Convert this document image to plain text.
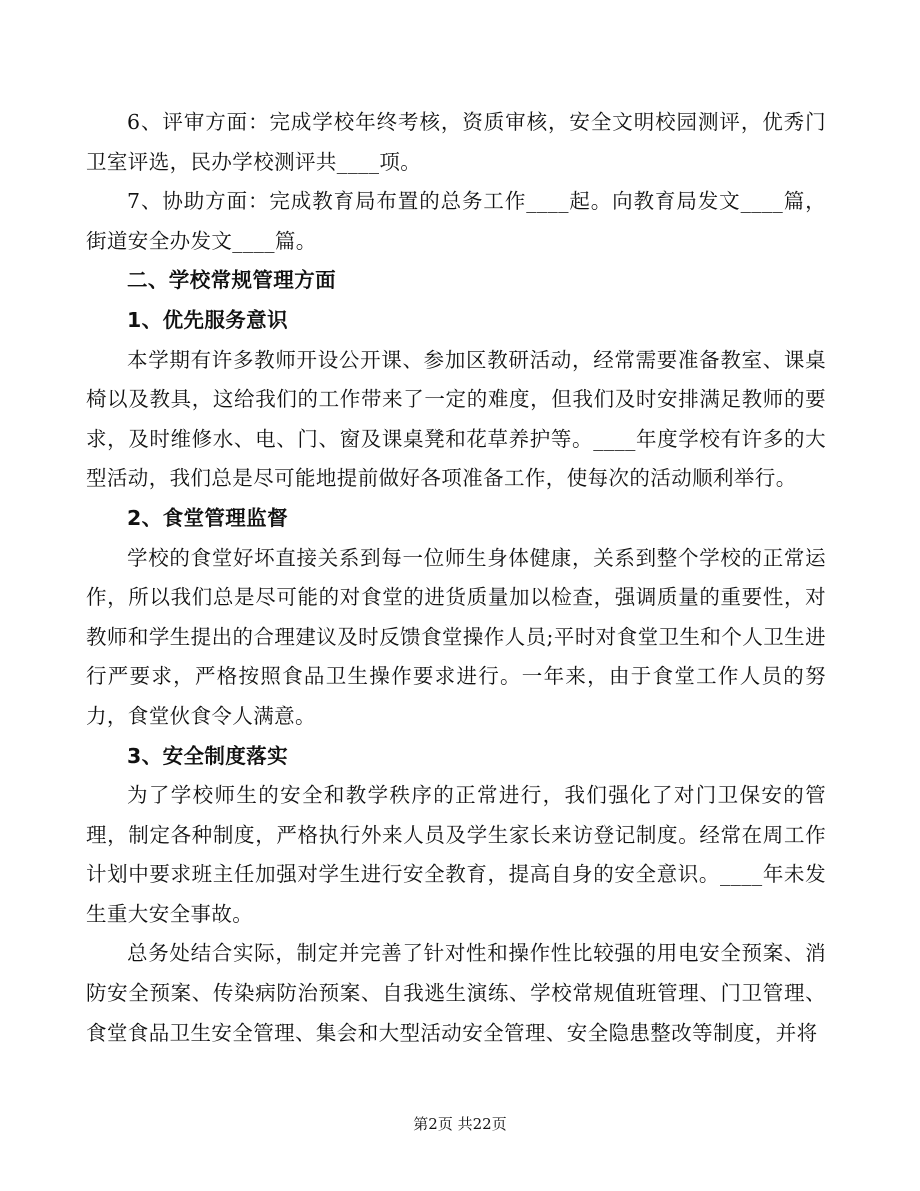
6、评审方面：完成学校年终考核，资质审核，安全文明校园测评，优秀门卫室评选，民办学校测评共____项。

7、协助方面：完成教育局布置的总务工作____起。向教育局发文____篇，街道安全办发文____篇。

二、学校常规管理方面

1、优先服务意识

本学期有许多教师开设公开课、参加区教研活动，经常需要准备教室、课桌椅以及教具，这给我们的工作带来了一定的难度，但我们及时安排满足教师的要求，及时维修水、电、门、窗及课桌凳和花草养护等。____年度学校有许多的大型活动，我们总是尽可能地提前做好各项准备工作，使每次的活动顺利举行。

2、食堂管理监督

学校的食堂好坏直接关系到每一位师生身体健康，关系到整个学校的正常运作，所以我们总是尽可能的对食堂的进货质量加以检查，强调质量的重要性，对教师和学生提出的合理建议及时反馈食堂操作人员;平时对食堂卫生和个人卫生进行严要求，严格按照食品卫生操作要求进行。一年来，由于食堂工作人员的努力，食堂伙食令人满意。

3、安全制度落实

为了学校师生的安全和教学秩序的正常进行，我们强化了对门卫保安的管理，制定各种制度，严格执行外来人员及学生家长来访登记制度。经常在周工作计划中要求班主任加强对学生进行安全教育，提高自身的安全意识。____年未发生重大安全事故。

总务处结合实际，制定并完善了针对性和操作性比较强的用电安全预案、消防安全预案、传染病防治预案、自我逃生演练、学校常规值班管理、门卫管理、食堂食品卫生安全管理、集会和大型活动安全管理、安全隐患整改等制度，并将

第2页 共22页
